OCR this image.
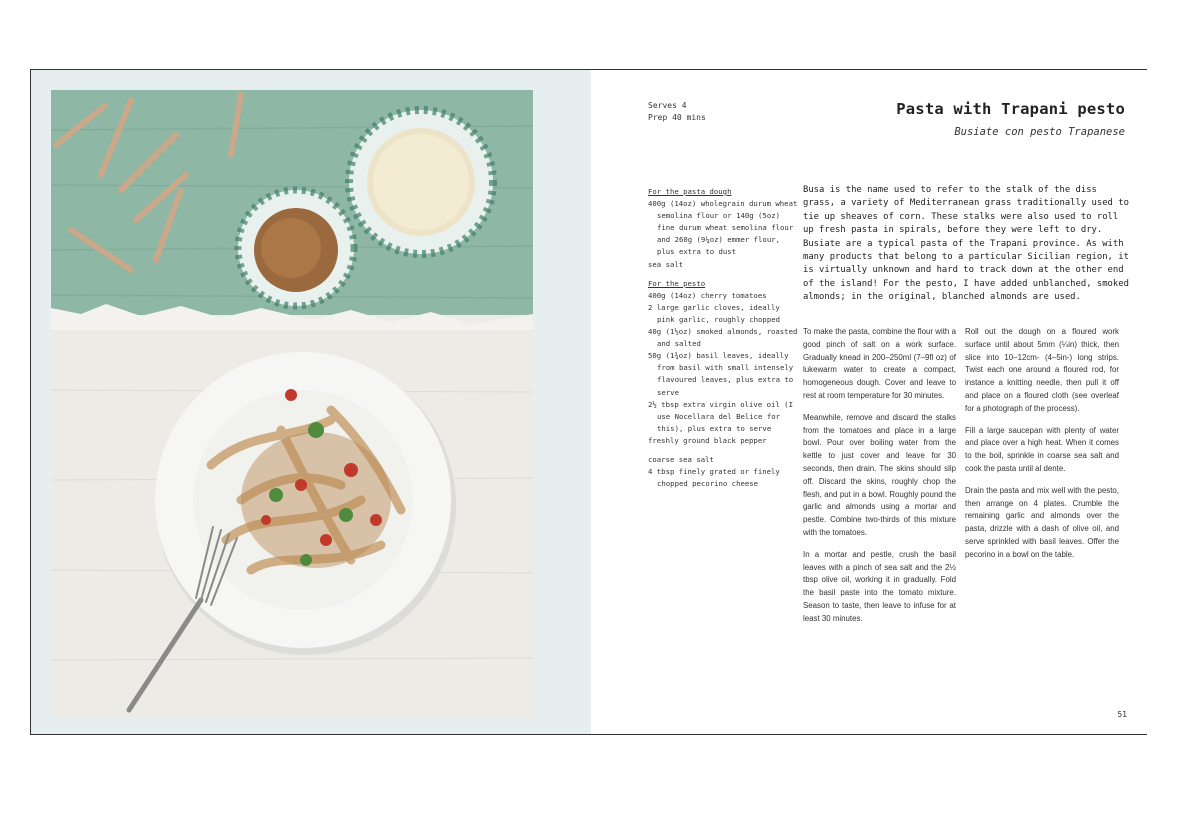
Serves 4
Prep 40 mins	Pasta with Trapani pesto
Busiate con pesto Trapanese
For the pasta dough
400g (14oz) wholegrain durum wheat semolina flour or 140g (5oz) fine durum wheat semolina flour and 260g (9¼oz) emmer flour, plus extra to dust
sea salt
For the pesto
400g (14oz) cherry tomatoes
2 large garlic cloves, ideally pink garlic, roughly chopped
40g (1½oz) smoked almonds, roasted and salted
50g (1¾oz) basil leaves, ideally from basil with small intensely flavoured leaves, plus extra to serve
2½ tbsp extra virgin olive oil (I use Nocellara del Belice for this), plus extra to serve
freshly ground black pepper
coarse sea salt
4 tbsp finely grated or finely chopped pecorino cheese

Busa is the name used to refer to the stalk of the diss grass, a variety of Mediterranean grass traditionally used to tie up sheaves of corn. These stalks were also used to roll up fresh pasta in spirals, before they were left to dry. Busiate are a typical pasta of the Trapani province. As with many products that belong to a particular Sicilian region, it is virtually unknown and hard to track down at the other end of the island! For the pesto, I have added unblanched, smoked almonds; in the original, blanched almonds are used.

To make the pasta, combine the flour with a good pinch of salt on a work surface. Gradually knead in 200–250ml (7–9fl oz) of lukewarm water to create a compact, homogeneous dough. Cover and leave to rest at room temperature for 30 minutes.

Meanwhile, remove and discard the stalks from the tomatoes and place in a large bowl. Pour over boiling water from the kettle to just cover and leave for 30 seconds, then drain. The skins should slip off. Discard the skins, roughly chop the flesh, and put in a bowl. Roughly pound the garlic and almonds using a mortar and pestle. Combine two-thirds of this mixture with the tomatoes.

In a mortar and pestle, crush the basil leaves with a pinch of sea salt and the 2½ tbsp olive oil, working it in gradually. Fold the basil paste into the tomato mixture. Season to taste, then leave to infuse for at least 30 minutes.

Roll out the dough on a floured work surface until about 5mm (¼in) thick, then slice into 10–12cm- (4–5in-) long strips. Twist each one around a floured rod, for instance a knitting needle, then pull it off and place on a floured cloth (see overleaf for a photograph of the process).

Fill a large saucepan with plenty of water and place over a high heat. When it comes to the boil, sprinkle in coarse sea salt and cook the pasta until al dente.

Drain the pasta and mix well with the pesto, then arrange on 4 plates. Crumble the remaining garlic and almonds over the pasta, drizzle with a dash of olive oil, and serve sprinkled with basil leaves. Offer the pecorino in a bowl on the table.

51
